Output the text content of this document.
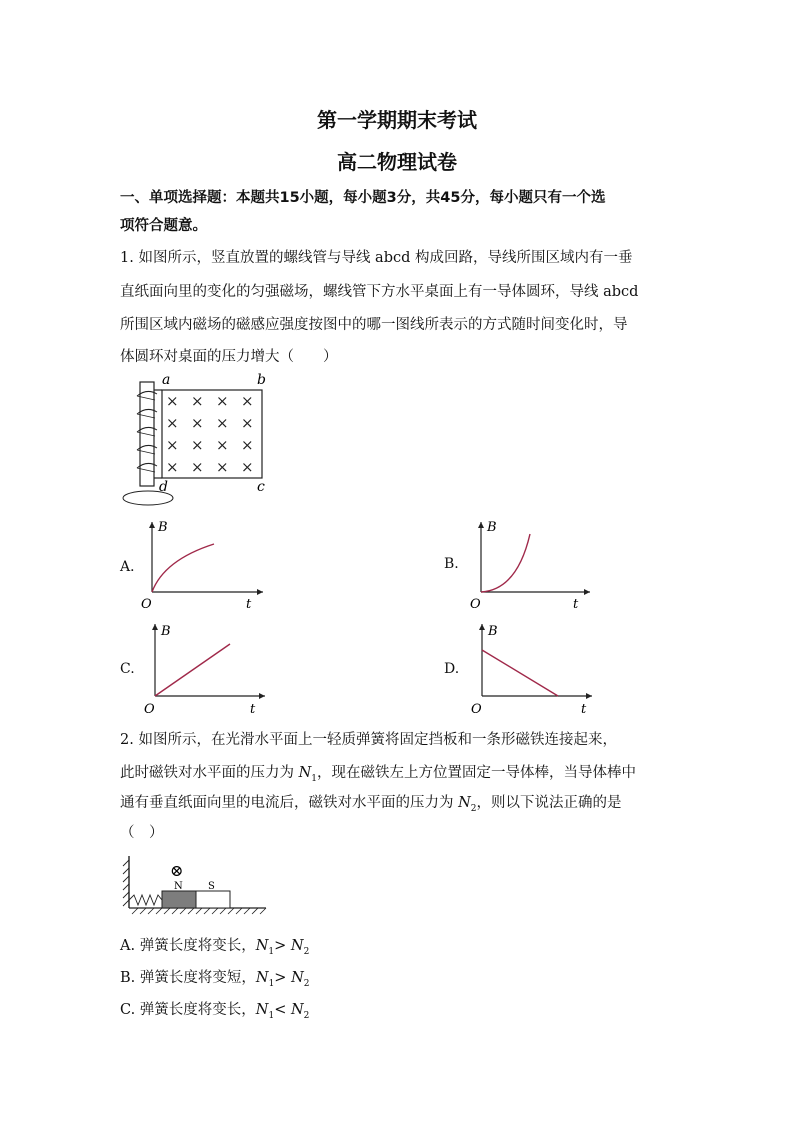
第一学期期末考试
高二物理试卷
一、单项选择题：本题共15小题，每小题3分，共45分，每小题只有一个选
项符合题意。
1. 如图所示，竖直放置的螺线管与导线 abcd 构成回路，导线所围区域内有一垂
直纸面向里的变化的匀强磁场，螺线管下方水平桌面上有一导体圆环，导线 abcd
所围区域内磁场的磁感应强度按图中的哪一图线所表示的方式随时间变化时，导
体圆环对桌面的压力增大（　　）
a	b
c
d
× × × ×
× × × ×
× × × ×
× × × ×
A．
B
t
O
B.
B
t
O
C.
B
t
O
D.
B
t
O
2. 如图所示，在光滑水平面上一轻质弹簧将固定挡板和一条形磁铁连接起来，
此时磁铁对水平面的压力为 $N_1$，现在磁铁左上方位置固定一导体棒，当导体棒中
通有垂直纸面向里的电流后，磁铁对水平面的压力为 $N_2$，则以下说法正确的是
（　）
N	S
⊗
A. 弹簧长度将变长，$N_1> N_2$
B. 弹簧长度将变短，$N_1> N_2$
C. 弹簧长度将变长，$N_1< N_2$
